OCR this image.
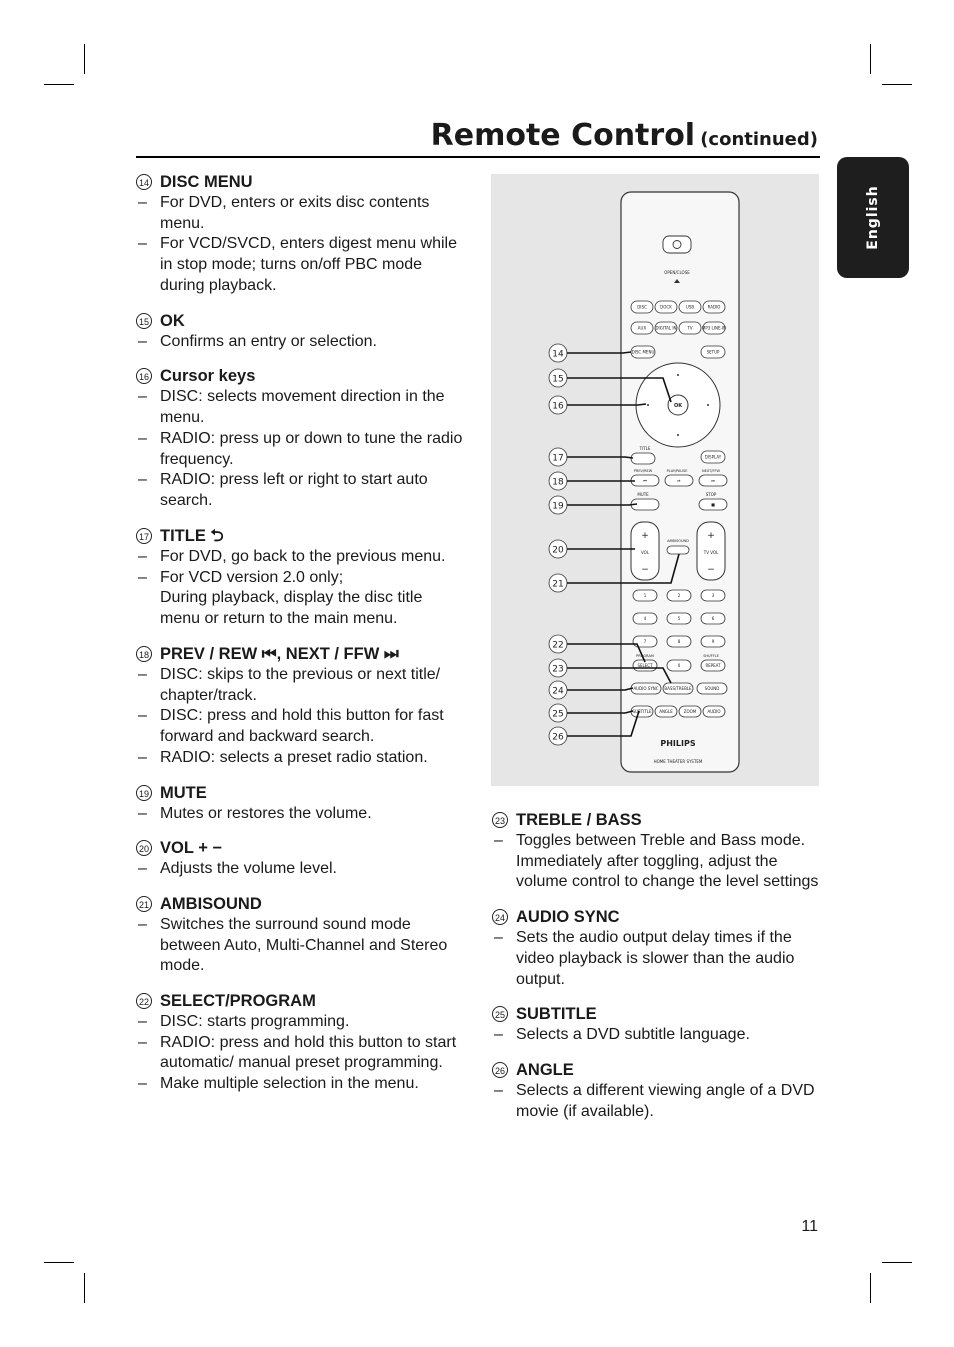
Remote Control (continued)
English
14 DISC MENU
– For DVD, enters or exits disc contents menu.
– For VCD/SVCD, enters digest menu while in stop mode; turns on/off PBC mode during playback.
15 OK
– Confirms an entry or selection.
16 Cursor keys
– DISC: selects movement direction in the menu.
– RADIO: press up or down to tune the radio frequency.
– RADIO: press left or right to start auto search.
17 TITLE ⮌
– For DVD, go back to the previous menu.
– For VCD version 2.0 only;
During playback, display the disc title menu or return to the main menu.
18 PREV / REW ⏮, NEXT / FFW ⏭
– DISC: skips to the previous or next title/ chapter/track.
– DISC: press and hold this button for fast forward and backward search.
– RADIO: selects a preset radio station.
19 MUTE
– Mutes or restores the volume.
20 VOL + −
– Adjusts the volume level.
21 AMBISOUND
– Switches the surround sound mode between Auto, Multi-Channel and Stereo mode.
22 SELECT/PROGRAM
– DISC: starts programming.
– RADIO: press and hold this button to start automatic/ manual preset programming.
– Make multiple selection in the menu.
OPEN/CLOSE
DISC	DOCK	USB	RADIO
AUX DIGITAL IN	TV MP3 LINE-IN
DISC MENU	SETUP
OK
TITLE
DISPLAY
PREV/REW	PLAY/PAUSE	NEXT/FFW
⏮	⏯	⏭
MUTE	STOP
■
+
VOL
−
+
TV VOL
−
AMBISOUND
1	2	3
4	5	6
7	8	9
PROGRAM	SHUFFLE
SELECT	0	REPEAT
AUDIO SYNC BASS/TREBLE	SOUND
SUBTITLE ANGLE	ZOOM	AUDIO
PHILIPS
HOME THEATER SYSTEM
14
15
16
17
18
19
20
21
22
23
24
25
26
23 TREBLE / BASS
– Toggles between Treble and Bass mode. Immediately after toggling, adjust the volume control to change the level settings
24 AUDIO SYNC
– Sets the audio output delay times if the video playback is slower than the audio output.
25 SUBTITLE
– Selects a DVD subtitle language.
26 ANGLE
– Selects a different viewing angle of a DVD movie (if available).
11
